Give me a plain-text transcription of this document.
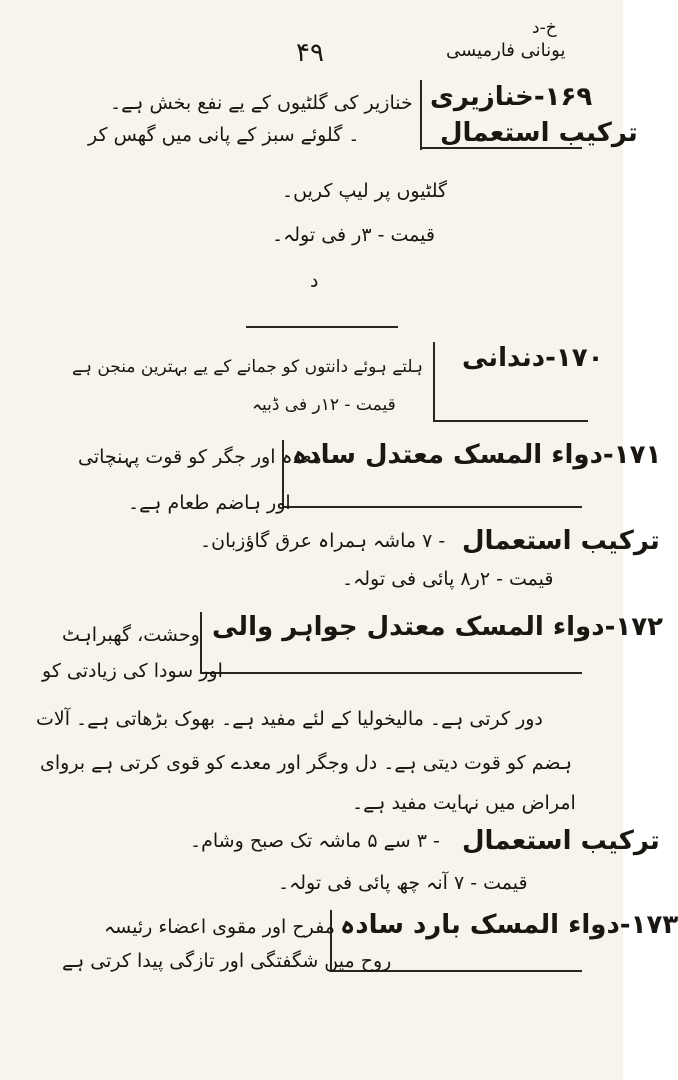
خ-د
۴۹	یونانی فارمیسی
۱۶۹-خنازیری
خنازیر کی گلٹیوں کے یے نفع بخش ہے۔
ترکیب استعمال
۔ گلوئے سبز کے پانی میں گھس کر
گلٹیوں پر لیپ کریں۔
قیمت - ۳ر فی تولہ۔
د
۱۷۰-دندانی
ہلتے ہوئے دانتوں کو جمانے کے یے بہترین منجن ہے
قیمت - ۱۲ر فی ڈبیہ
۱۷۱-دواء المسک معتدل سادہ
معدہ اور جگر کو قوت پہنچاتی
اور ہاضم طعام ہے۔
ترکیب استعمال
- ۷ ماشہ ہمراہ عرق گاؤزبان۔
قیمت - ۲ر۸ پائی فی تولہ۔
۱۷۲-دواء المسک معتدل جواہر والی
وحشت، گھبراہٹ
اور سودا کی زیادتی کو
دور کرتی ہے۔ مالیخولیا کے لئے مفید ہے۔ بھوک بڑھاتی ہے۔ آلات
ہضم کو قوت دیتی ہے۔ دل وجگر اور معدے کو قوی کرتی ہے بروای
امراض میں نہایت مفید ہے۔
ترکیب استعمال
- ۳ سے ۵ ماشہ تک صبح وشام۔
قیمت - ۷ آنہ چھ پائی فی تولہ۔
۱۷۳-دواء المسک بارد سادہ
مفرح اور مقوی اعضاء رئیسہ
روح میں شگفتگی اور تازگی پیدا کرتی ہے
